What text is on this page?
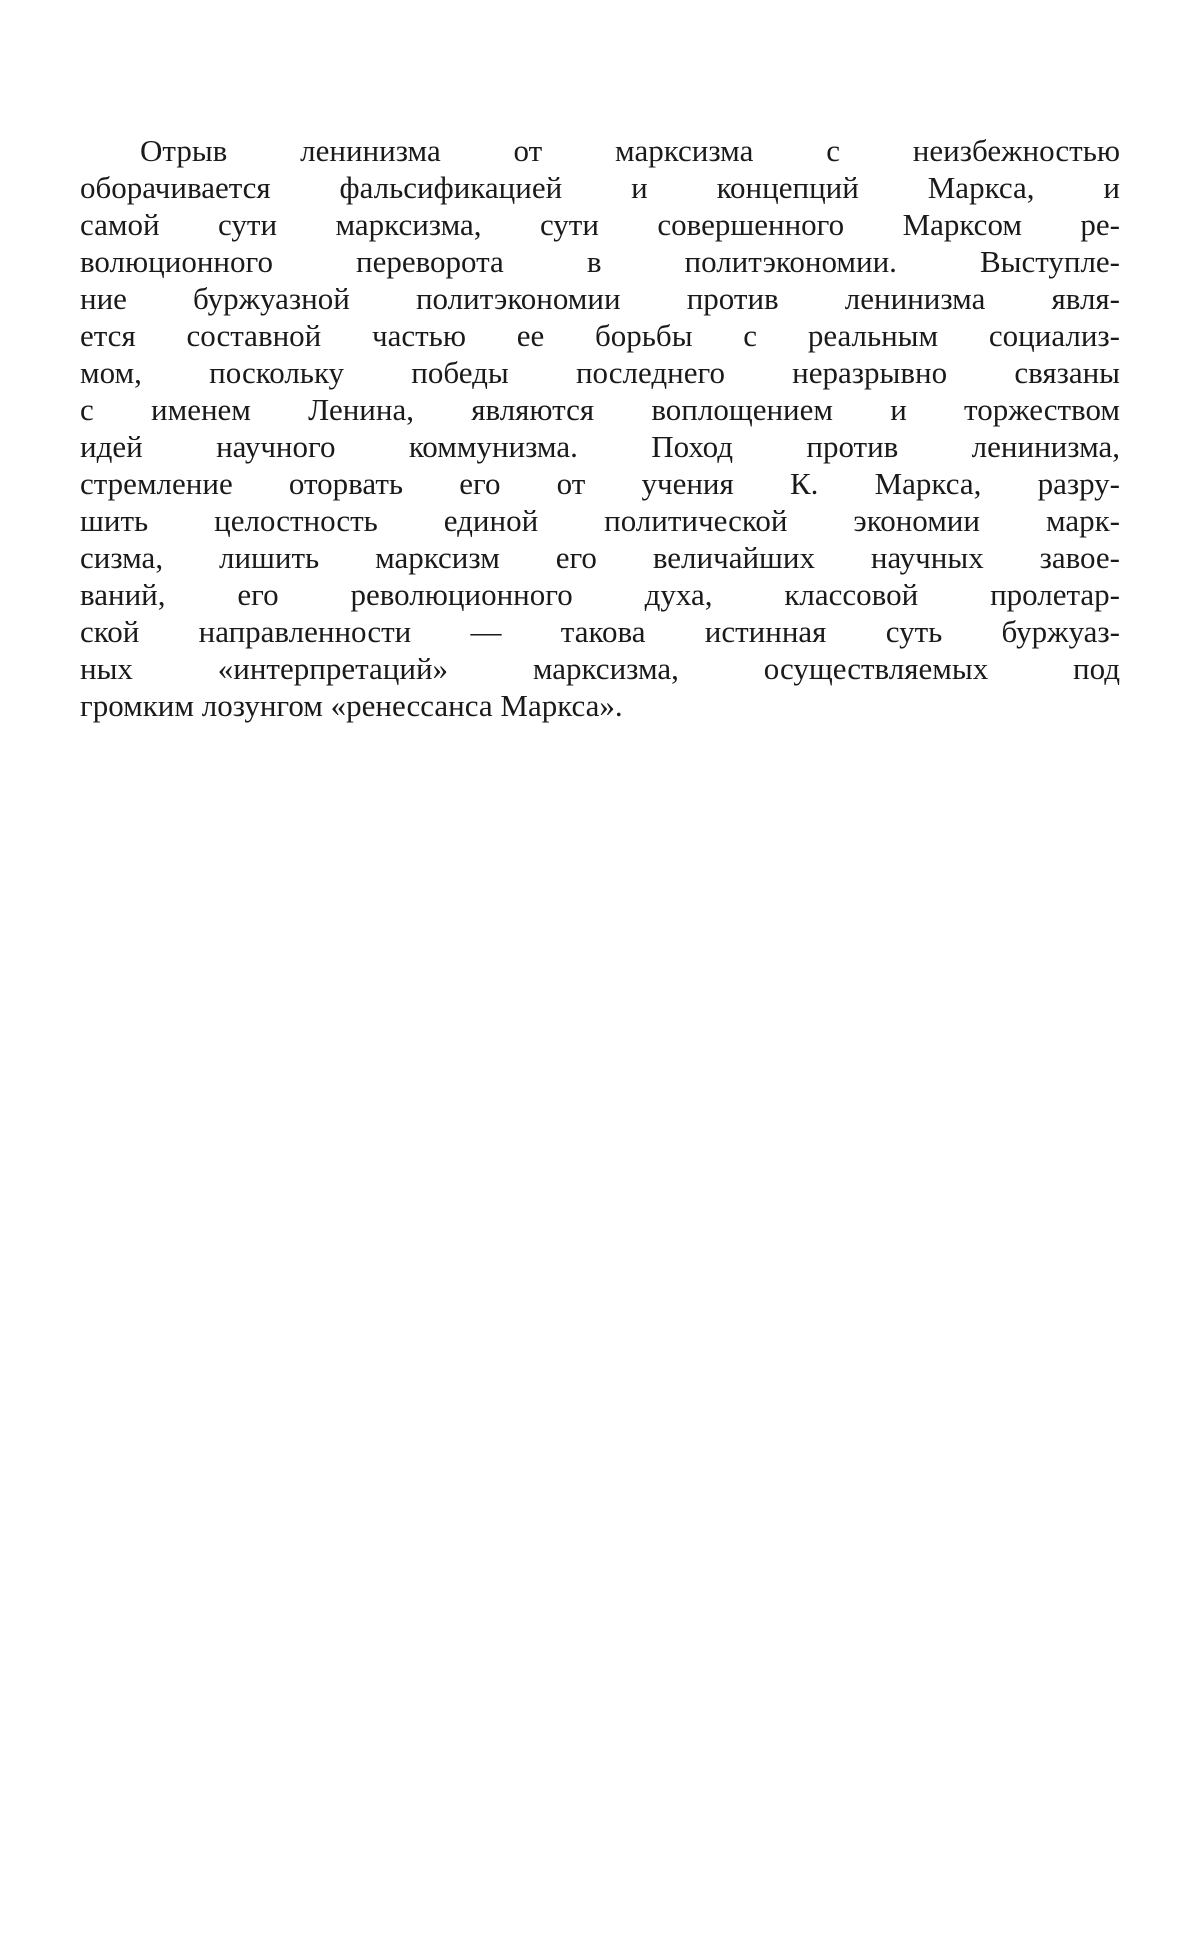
Отрыв ленинизма от марксизма с неизбежностью
оборачивается фальсификацией и концепций Маркса, и
самой сути марксизма, сути совершенного Марксом ре-
волюционного переворота в политэкономии. Выступле-
ние буржуазной политэкономии против ленинизма явля-
ется составной частью ее борьбы с реальным социализ-
мом, поскольку победы последнего неразрывно связаны
с именем Ленина, являются воплощением и торжеством
идей научного коммунизма. Поход против ленинизма,
стремление оторвать его от учения К. Маркса, разру-
шить целостность единой политической экономии марк-
сизма, лишить марксизм его величайших научных завое-
ваний, его революционного духа, классовой пролетар-
ской направленности — такова истинная суть буржуаз-
ных «интерпретаций» марксизма, осуществляемых под
громким лозунгом «ренессанса Маркса».
